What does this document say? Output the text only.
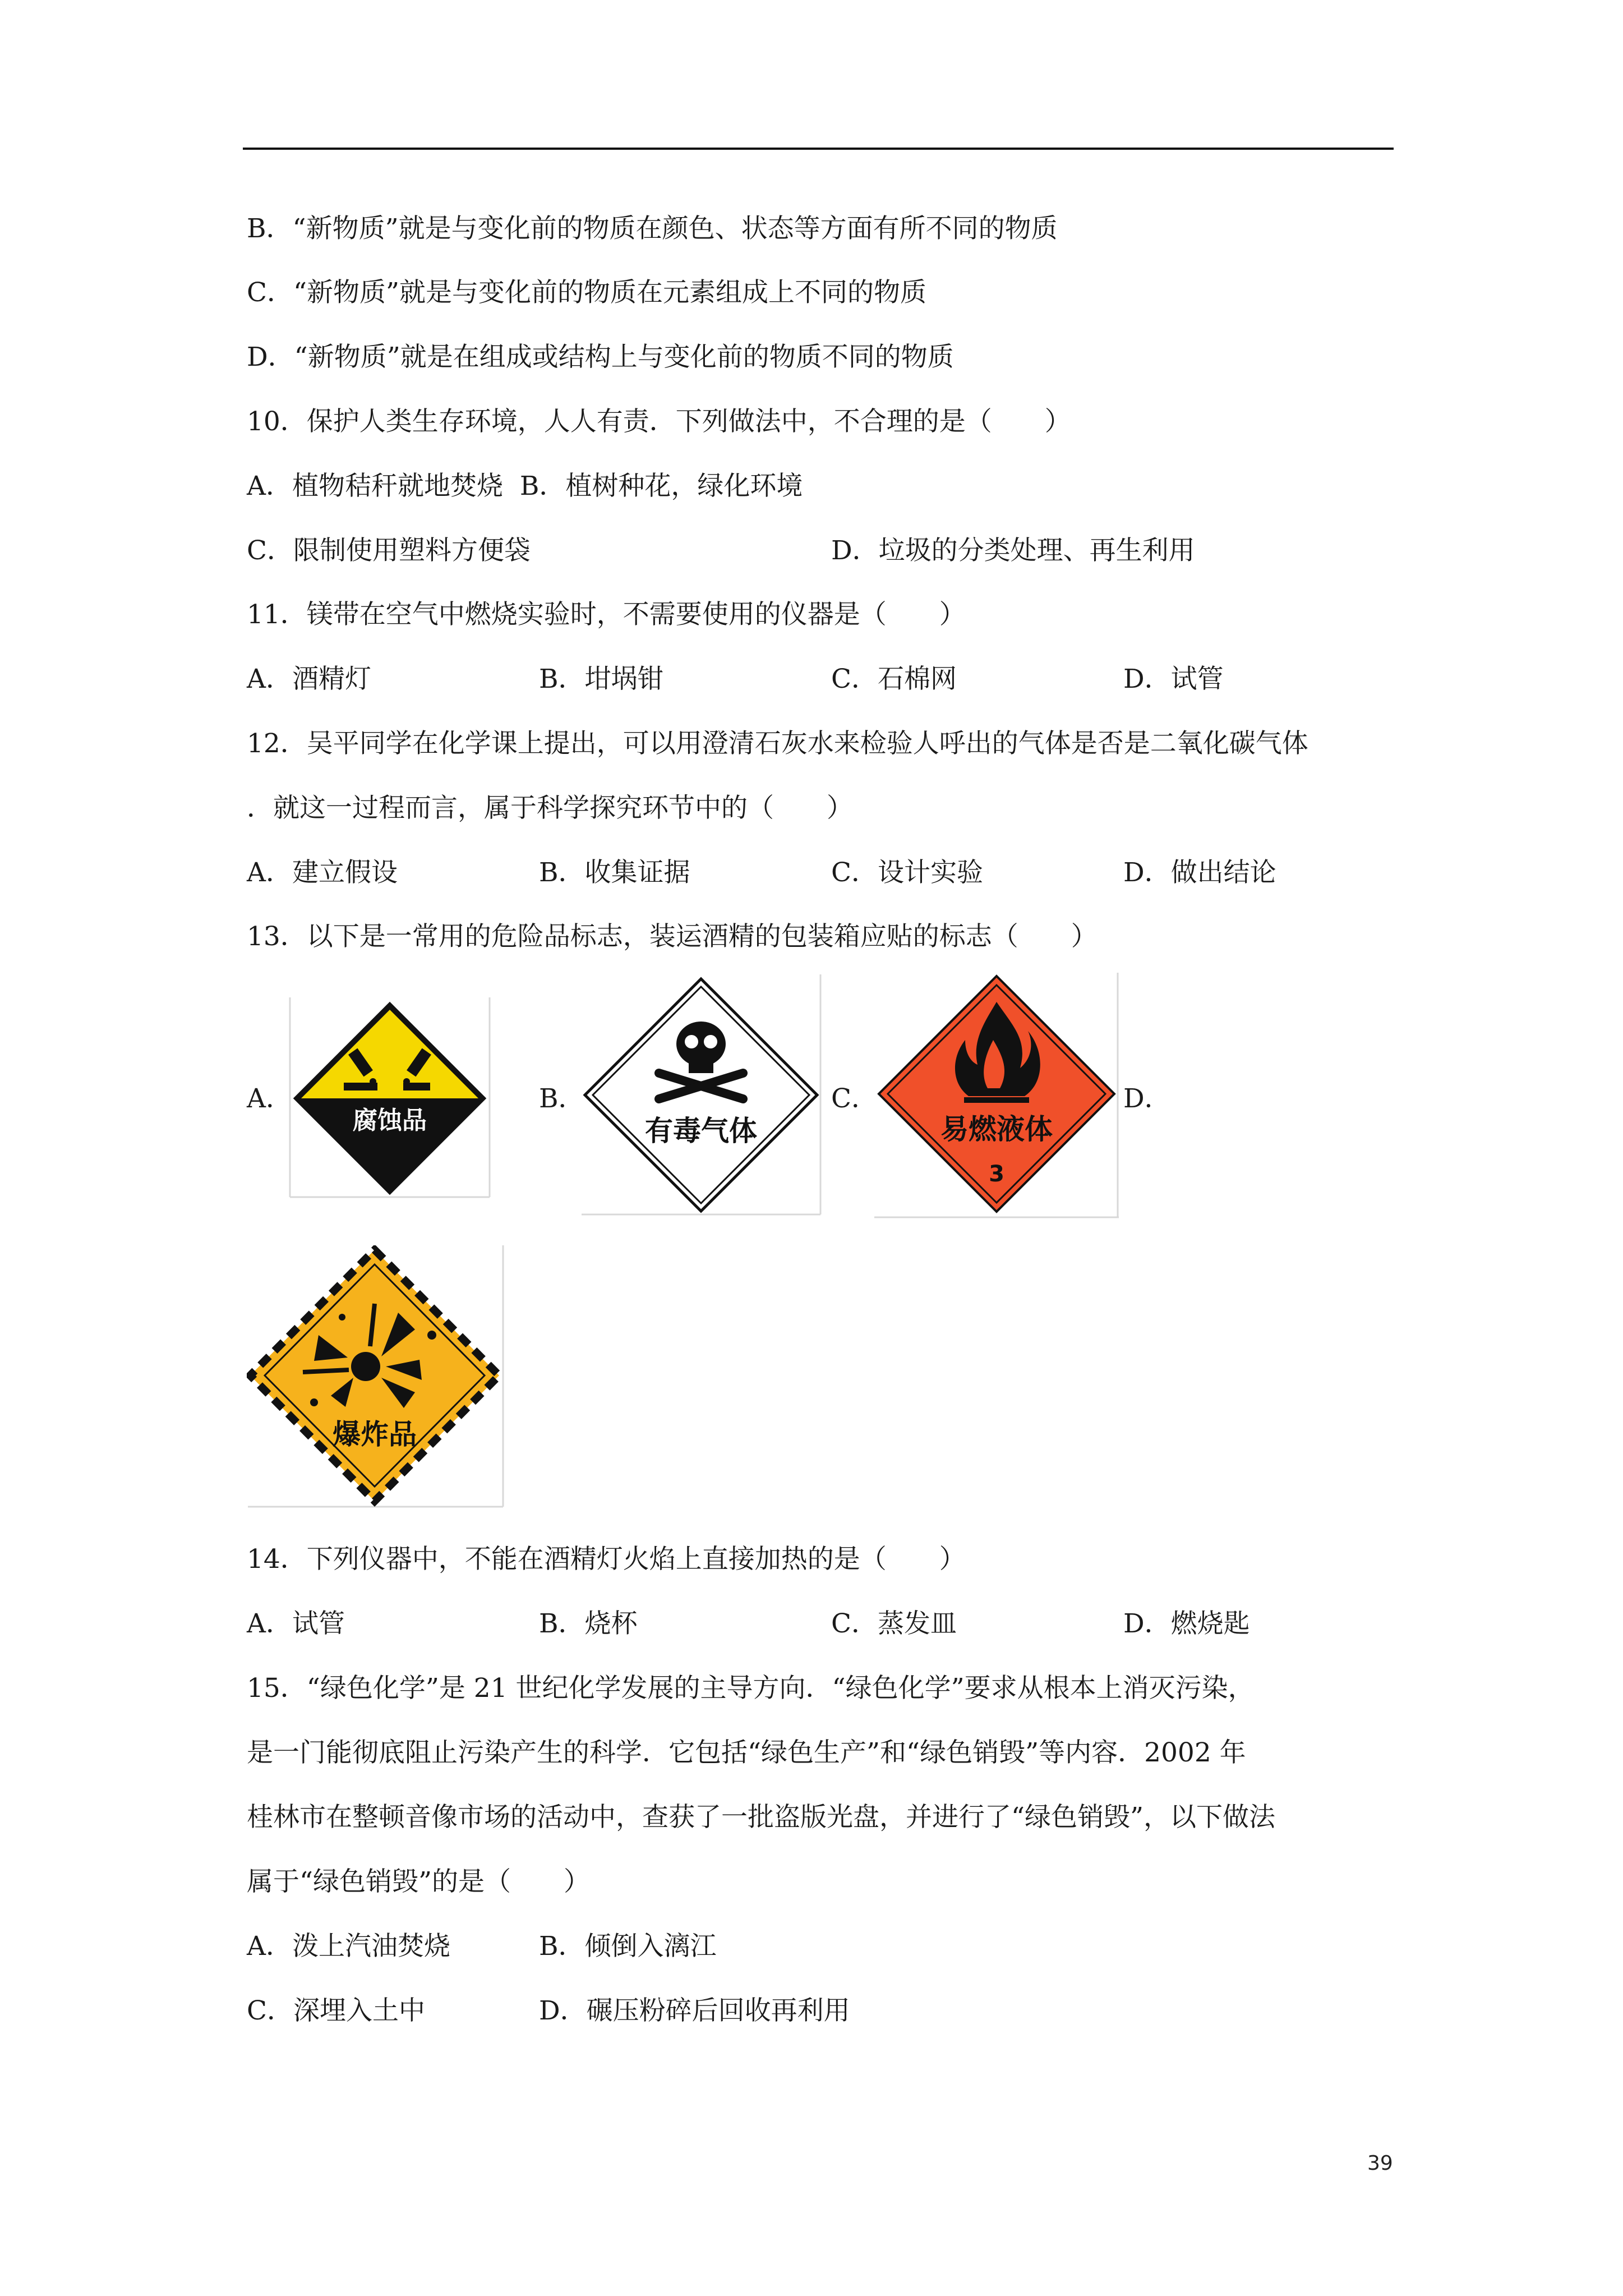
B．“新物质”就是与变化前的物质在颜色、状态等方面有所不同的物质
C．“新物质”就是与变化前的物质在元素组成上不同的物质
D．“新物质”就是在组成或结构上与变化前的物质不同的物质
10．保护人类生存环境，人人有责．下列做法中，不合理的是（　　）
A．植物秸秆就地焚烧  B．植树种花，绿化环境
C．限制使用塑料方便袋	D．垃圾的分类处理、再生利用
11．镁带在空气中燃烧实验时，不需要使用的仪器是（　　）
A．酒精灯	B．坩埚钳	C．石棉网	D．试管
12．吴平同学在化学课上提出，可以用澄清石灰水来检验人呼出的气体是否是二氧化碳气体
．就这一过程而言，属于科学探究环节中的（　　）
A．建立假设	B．收集证据	C．设计实验	D．做出结论
13．以下是一常用的危险品标志，装运酒精的包装箱应贴的标志（　　）
A．	B．	C．	D．
腐蚀品	有毒气体	易燃液体
3
爆炸品
14．下列仪器中，不能在酒精灯火焰上直接加热的是（　　）
A．试管	B．烧杯	C．蒸发皿	D．燃烧匙
15．“绿色化学”是 21 世纪化学发展的主导方向．“绿色化学”要求从根本上消灭污染，
是一门能彻底阻止污染产生的科学．它包括“绿色生产”和“绿色销毁”等内容．2002 年
桂林市在整顿音像市场的活动中，查获了一批盗版光盘，并进行了“绿色销毁”，以下做法
属于“绿色销毁”的是（　　）
A．泼上汽油焚烧	B．倾倒入漓江
C．深埋入土中	D．碾压粉碎后回收再利用
39
